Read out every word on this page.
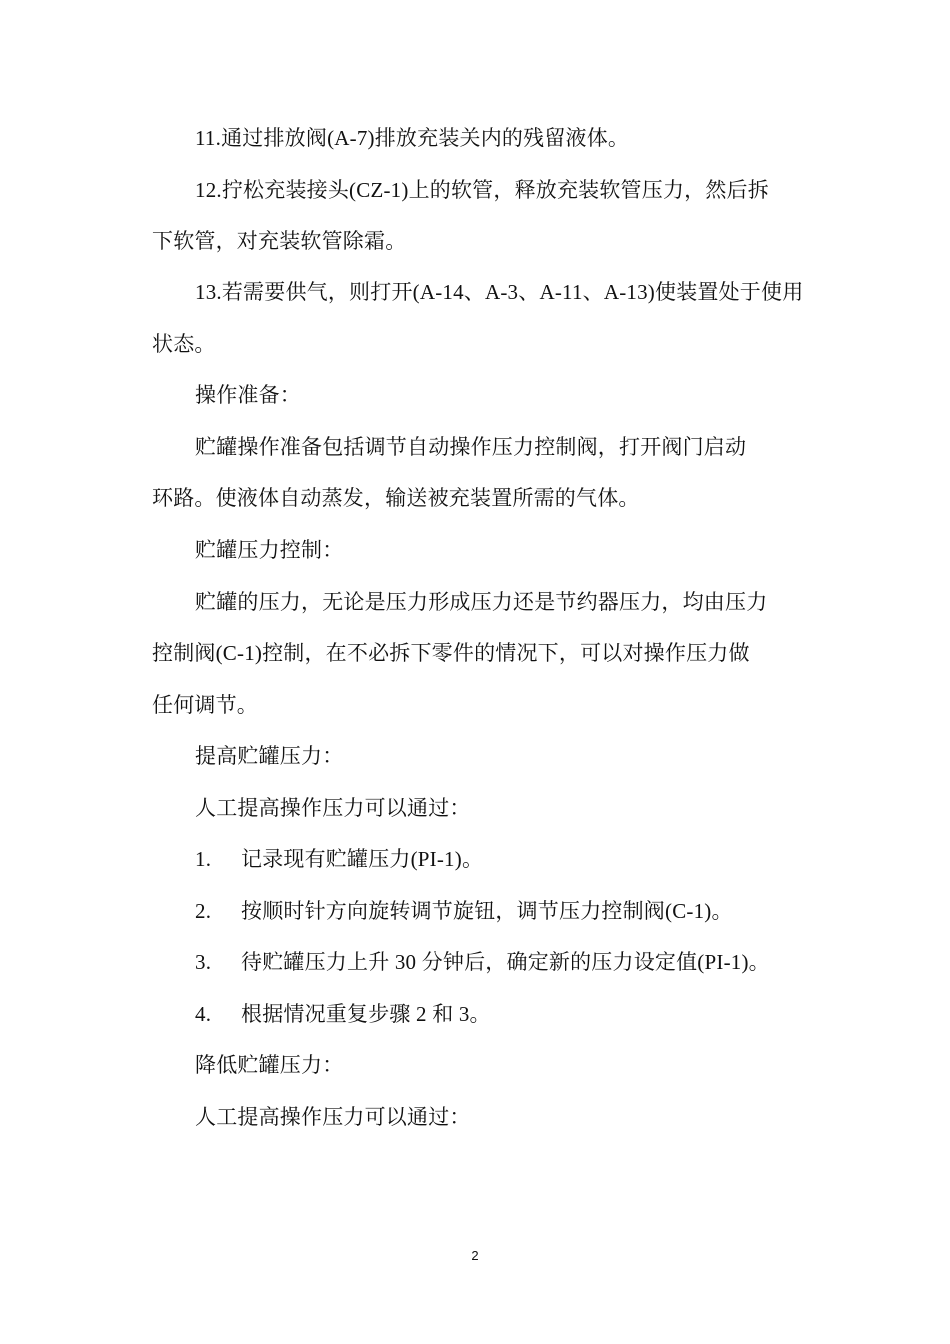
11.通过排放阀(A-7)排放充装关内的残留液体。
12.拧松充装接头(CZ-1)上的软管，释放充装软管压力，然后拆
下软管，对充装软管除霜。
13.若需要供气，则打开(A-14、A-3、A-11、A-13)使装置处于使用
状态。
操作准备：
贮罐操作准备包括调节自动操作压力控制阀，打开阀门启动
环路。使液体自动蒸发，输送被充装置所需的气体。
贮罐压力控制：
贮罐的压力，无论是压力形成压力还是节约器压力，均由压力
控制阀(C-1)控制，在不必拆下零件的情况下，可以对操作压力做
任何调节。
提高贮罐压力：
人工提高操作压力可以通过：
1. 记录现有贮罐压力(PI-1)。
2. 按顺时针方向旋转调节旋钮，调节压力控制阀(C-1)。
3. 待贮罐压力上升 30 分钟后，确定新的压力设定值(PI-1)。
4. 根据情况重复步骤 2 和 3。
降低贮罐压力：
人工提高操作压力可以通过：
2
